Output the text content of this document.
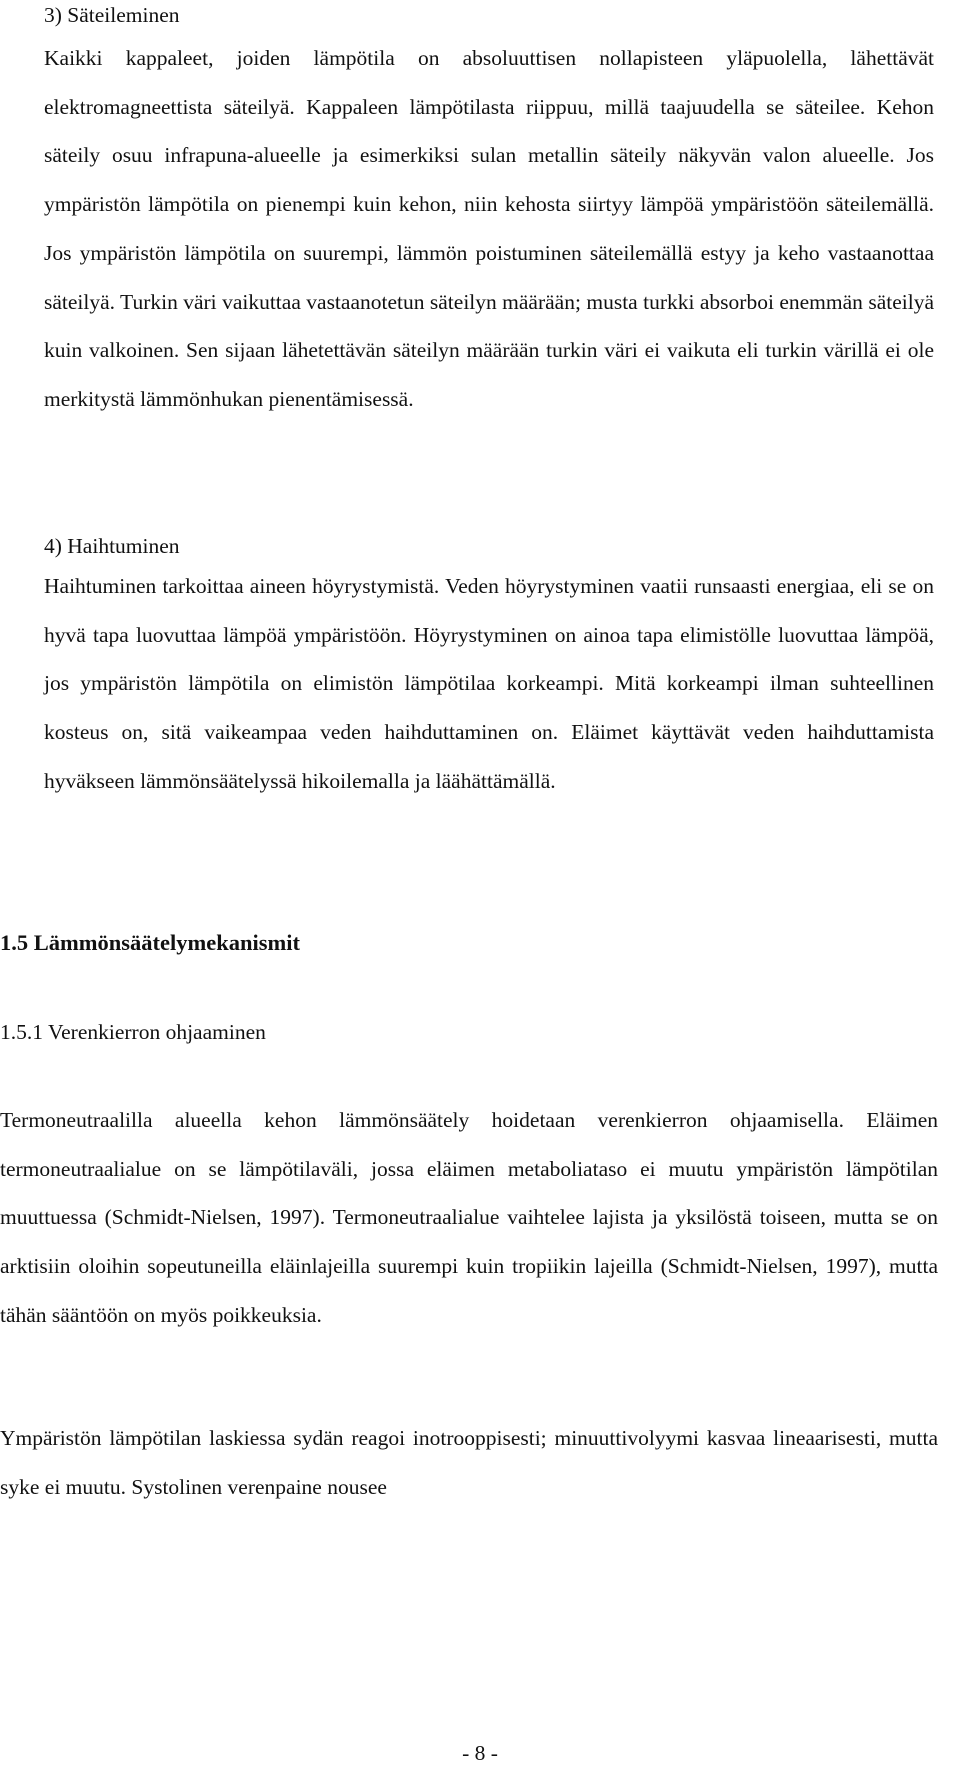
3) Säteileminen

Kaikki kappaleet, joiden lämpötila on absoluuttisen nollapisteen yläpuolella, lähettävät elektromagneettista säteilyä. Kappaleen lämpötilasta riippuu, millä taajuudella se säteilee. Kehon säteily osuu infrapuna-alueelle ja esimerkiksi sulan metallin säteily näkyvän valon alueelle. Jos ympäristön lämpötila on pienempi kuin kehon, niin kehosta siirtyy lämpöä ympäristöön säteilemällä. Jos ympäristön lämpötila on suurempi, lämmön poistuminen säteilemällä estyy ja keho vastaanottaa säteilyä. Turkin väri vaikuttaa vastaanotetun säteilyn määrään; musta turkki absorboi enemmän säteilyä kuin valkoinen. Sen sijaan lähetettävän säteilyn määrään turkin väri ei vaikuta eli turkin värillä ei ole merkitystä lämmönhukan pienentämisessä.

4) Haihtuminen

Haihtuminen tarkoittaa aineen höyrystymistä. Veden höyrystyminen vaatii runsaasti energiaa, eli se on hyvä tapa luovuttaa lämpöä ympäristöön. Höyrystyminen on ainoa tapa elimistölle luovuttaa lämpöä, jos ympäristön lämpötila on elimistön lämpötilaa korkeampi. Mitä korkeampi ilman suhteellinen kosteus on, sitä vaikeampaa veden haihduttaminen on. Eläimet käyttävät veden haihduttamista hyväkseen lämmönsäätelyssä hikoilemalla ja läähättämällä.

1.5 Lämmönsäätelymekanismit
1.5.1 Verenkierron ohjaaminen

Termoneutraalilla alueella kehon lämmönsäätely hoidetaan verenkierron ohjaamisella. Eläimen termoneutraalialue on se lämpötilaväli, jossa eläimen metaboliataso ei muutu ympäristön lämpötilan muuttuessa (Schmidt-Nielsen, 1997). Termoneutraalialue vaihtelee lajista ja yksilöstä toiseen, mutta se on arktisiin oloihin sopeutuneilla eläinlajeilla suurempi kuin tropiikin lajeilla (Schmidt-Nielsen, 1997), mutta tähän sääntöön on myös poikkeuksia.

Ympäristön lämpötilan laskiessa sydän reagoi inotrooppisesti; minuuttivolyymi kasvaa lineaarisesti, mutta syke ei muutu. Systolinen verenpaine nousee

- 8 -
